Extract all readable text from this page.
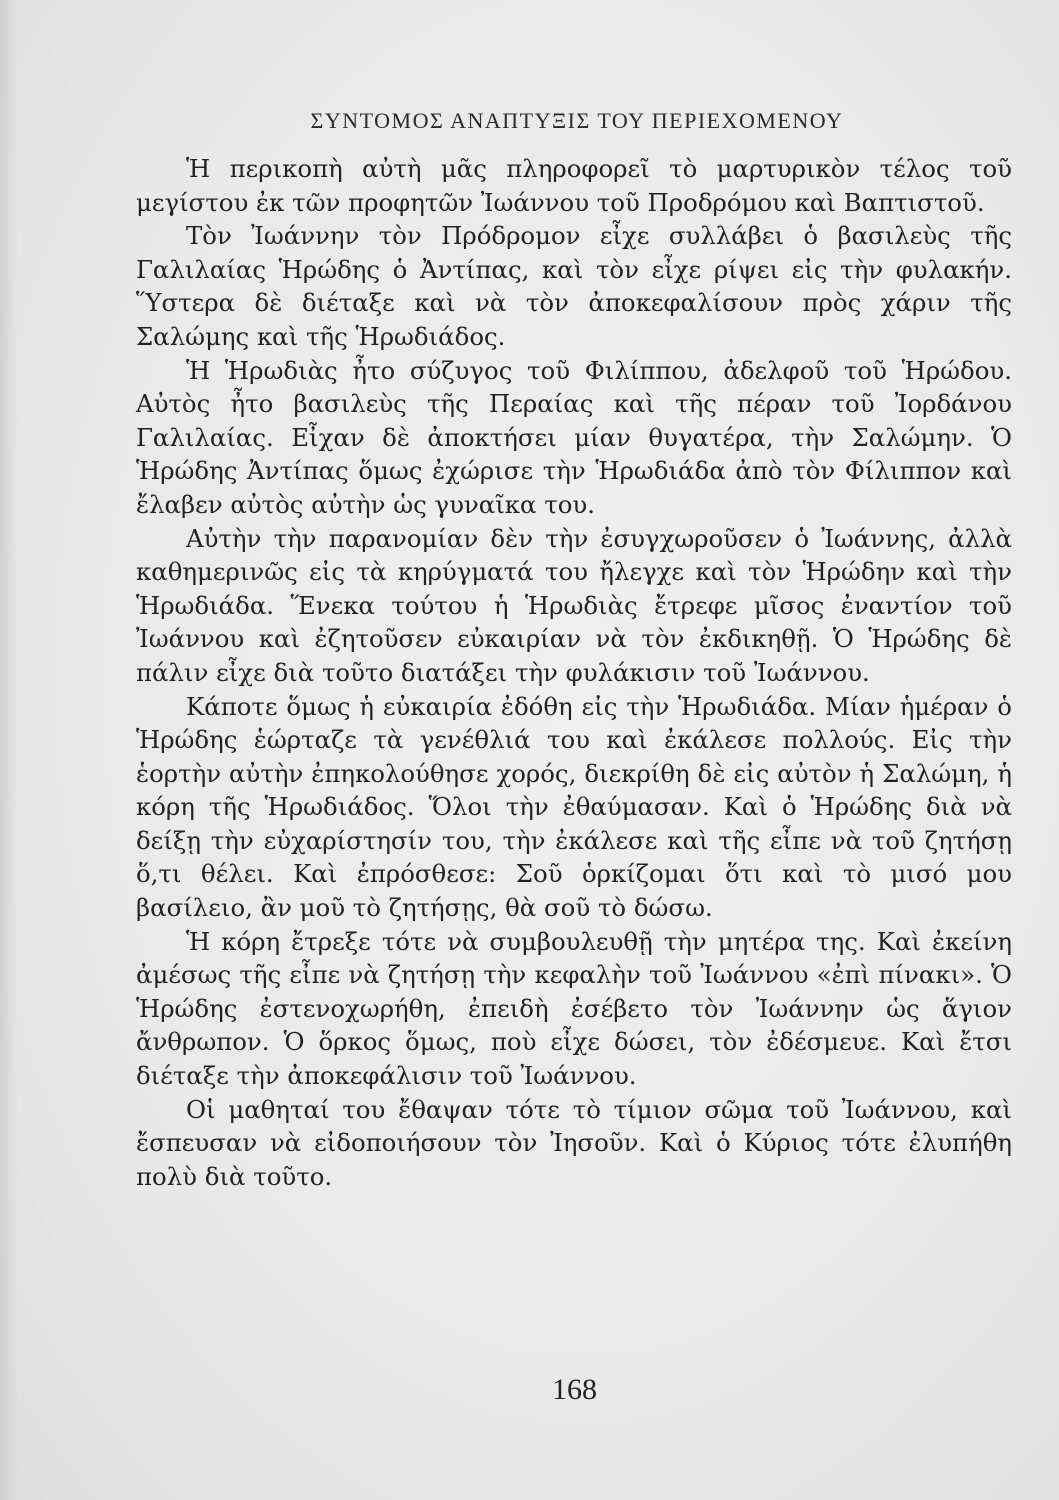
ΣΥΝΤΟΜΟΣ ΑΝΑΠΤΥΞΙΣ ΤΟΥ ΠΕΡΙΕΧΟΜΕΝΟΥ

Ἡ περικοπὴ αὐτὴ μᾶς πληροφορεῖ τὸ μαρτυρικὸν τέλος τοῦ μεγίστου ἐκ τῶν προφητῶν Ἰωάννου τοῦ Προδρόμου καὶ Βαπτιστοῦ.

Τὸν Ἰωάννην τὸν Πρόδρομον εἶχε συλλάβει ὁ βασιλεὺς τῆς Γαλιλαίας Ἡρώδης ὁ Ἀντίπας, καὶ τὸν εἶχε ρίψει εἰς τὴν φυλακήν. Ὕστερα δὲ διέταξε καὶ νὰ τὸν ἀποκεφαλίσουν πρὸς χάριν τῆς Σαλώμης καὶ τῆς Ἡρωδιάδος.

Ἡ Ἡρωδιὰς ἦτο σύζυγος τοῦ Φιλίππου, ἀδελφοῦ τοῦ Ἡρώδου. Αὐτὸς ἦτο βασιλεὺς τῆς Περαίας καὶ τῆς πέραν τοῦ Ἰορδάνου Γαλιλαίας. Εἶχαν δὲ ἀποκτήσει μίαν θυγατέρα, τὴν Σαλώμην. Ὁ Ἡρώδης Ἀντίπας ὅμως ἐχώρισε τὴν Ἡρωδιάδα ἀπὸ τὸν Φίλιππον καὶ ἔλαβεν αὐτὸς αὐτὴν ὡς γυναῖκα του.

Αὐτὴν τὴν παρανομίαν δὲν τὴν ἐσυγχωροῦσεν ὁ Ἰωάννης, ἀλλὰ καθημερινῶς εἰς τὰ κηρύγματά του ἤλεγχε καὶ τὸν Ἡρώδην καὶ τὴν Ἡρωδιάδα. Ἕνεκα τούτου ἡ Ἡρωδιὰς ἔτρεφε μῖσος ἐναντίον τοῦ Ἰωάννου καὶ ἐζητοῦσεν εὐκαιρίαν νὰ τὸν ἐκδικηθῇ. Ὁ Ἡρώδης δὲ πάλιν εἶχε διὰ τοῦτο διατάξει τὴν φυλάκισιν τοῦ Ἰωάννου.

Κάποτε ὅμως ἡ εὐκαιρία ἐδόθη εἰς τὴν Ἡρωδιάδα. Μίαν ἡμέραν ὁ Ἡρώδης ἑώρταζε τὰ γενέθλιά του καὶ ἐκάλεσε πολλούς. Εἰς τὴν ἑορτὴν αὐτὴν ἐπηκολούθησε χορός, διεκρίθη δὲ εἰς αὐτὸν ἡ Σαλώμη, ἡ κόρη τῆς Ἡρωδιάδος. Ὅλοι τὴν ἐθαύμασαν. Καὶ ὁ Ἡρώδης διὰ νὰ δείξῃ τὴν εὐχαρίστησίν του, τὴν ἐκάλεσε καὶ τῆς εἶπε νὰ τοῦ ζητήσῃ ὅ,τι θέλει. Καὶ ἐπρόσθεσε: Σοῦ ὁρκίζομαι ὅτι καὶ τὸ μισό μου βασίλειο, ἂν μοῦ τὸ ζητήσῃς, θὰ σοῦ τὸ δώσω.

Ἡ κόρη ἔτρεξε τότε νὰ συμβουλευθῇ τὴν μητέρα της. Καὶ ἐκείνη ἀμέσως τῆς εἶπε νὰ ζητήσῃ τὴν κεφαλὴν τοῦ Ἰωάννου «ἐπὶ πίνακι». Ὁ Ἡρώδης ἐστενοχωρήθη, ἐπειδὴ ἐσέβετο τὸν Ἰωάννην ὡς ἅγιον ἄνθρωπον. Ὁ ὅρκος ὅμως, ποὺ εἶχε δώσει, τὸν ἐδέσμευε. Καὶ ἔτσι διέταξε τὴν ἀποκεφάλισιν τοῦ Ἰωάννου.

Οἱ μαθηταί του ἔθαψαν τότε τὸ τίμιον σῶμα τοῦ Ἰωάννου, καὶ ἔσπευσαν νὰ εἰδοποιήσουν τὸν Ἰησοῦν. Καὶ ὁ Κύριος τότε ἐλυπήθη πολὺ διὰ τοῦτο.

168
